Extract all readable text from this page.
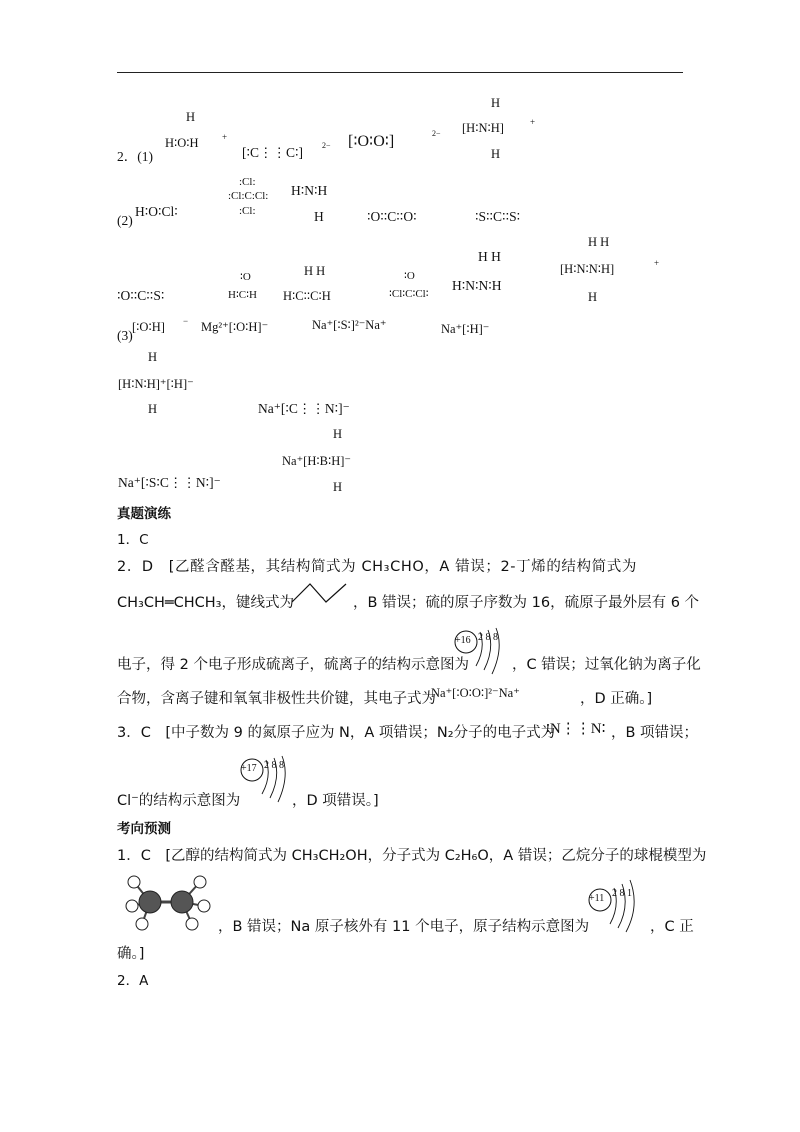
2．(1)
H
H∶O∶H	+
[∶C⋮⋮C∶] 2− [∶O∶O∶]	2−
H
[H∶N∶H]	+
H
(2)
H∶O∶Cl∶
:Cl:
:Cl:C:Cl:
:Cl:
H∶N∶H
H	∶O∶∶C∶∶O∶	∶S∶∶C∶∶S∶
∶O∶∶C∶∶S∶
∶O
H∶C∶H
H H
H∶C∶∶C∶H
∶O
∶Cl∶C∶Cl∶
H H
H∶N∶N∶H
H H
[H∶N∶N∶H]	+
H
(3)
[∶O∶H] − Mg²⁺[∶O∶H]⁻	Na⁺[∶S∶]²⁻Na⁺	Na⁺[∶H]⁻
H
[H∶N∶H]⁺[∶H]⁻
H	Na⁺[∶C⋮⋮N∶]⁻
H
Na⁺[H∶B∶H]⁻
H
Na⁺[∶S∶C⋮⋮N∶]⁻
真题演练
1．C
2．D　[乙醛含醛基，其结构简式为 CH₃CHO，A 错误；2-丁烯的结构简式为
CH₃CH═CHCH₃，键线式为	，B 错误；硫的原子序数为 16，硫原子最外层有 6 个
电子，得 2 个电子形成硫离子，硫离子的结构示意图为
+16 2 8 8
，C 错误；过氧化钠为离子化
合物，含离子键和氧氧非极性共价键，其电子式为
Na⁺[∶O∶O∶]²⁻Na⁺	，D 正确。]
3．C　[中子数为 9 的氮原子应为 N，A 项错误；N₂分子的电子式为
∶N⋮⋮N∶ ，B 项错误；
+17 2 8 8
Cl⁻的结构示意图为	，D 项错误。]
考向预测
1．C　[乙醇的结构简式为 CH₃CH₂OH，分子式为 C₂H₆O，A 错误；乙烷分子的球棍模型为
，B 错误；Na 原子核外有 11 个电子，原子结构示意图为
+11 2 8 1
，C 正
确。]
2．A
